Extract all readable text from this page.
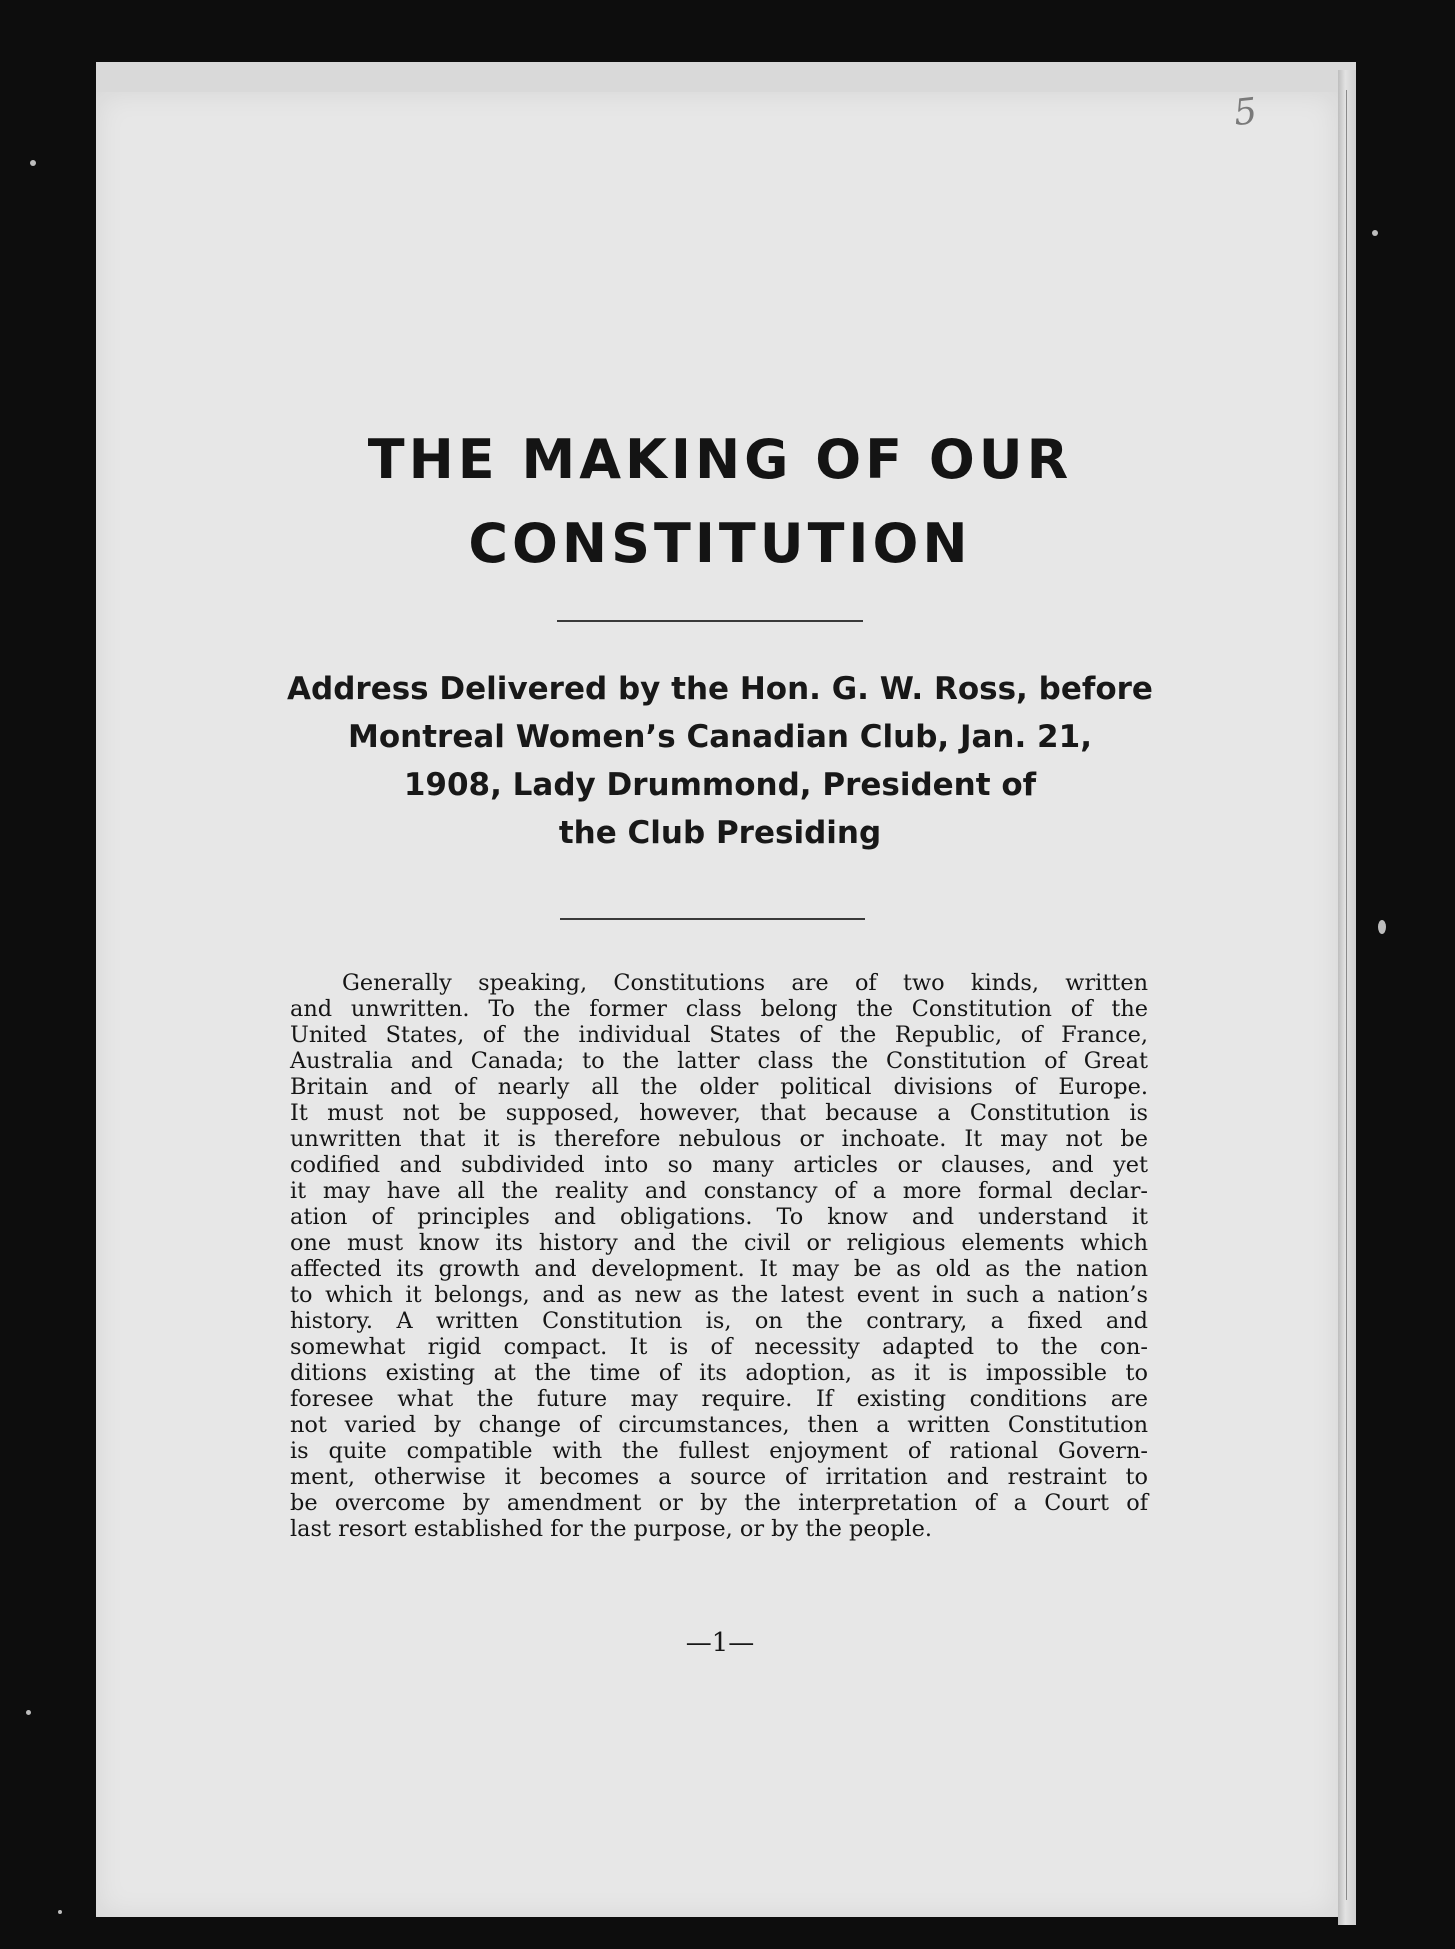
5
THE MAKING OF OUR
CONSTITUTION
Address Delivered by the Hon. G. W. Ross, before
Montreal Women’s Canadian Club, Jan. 21,
1908, Lady Drummond, President of
the Club Presiding
Generally speaking, Constitutions are of two kinds, written
and unwritten. To the former class belong the Constitution of the
United States, of the individual States of the Republic, of France,
Australia and Canada; to the latter class the Constitution of Great
Britain and of nearly all the older political divisions of Europe.
It must not be supposed, however, that because a Constitution is
unwritten that it is therefore nebulous or inchoate. It may not be
codified and subdivided into so many articles or clauses, and yet
it may have all the reality and constancy of a more formal declar-
ation of principles and obligations. To know and understand it
one must know its history and the civil or religious elements which
affected its growth and development. It may be as old as the nation
to which it belongs, and as new as the latest event in such a nation’s
history. A written Constitution is, on the contrary, a fixed and
somewhat rigid compact. It is of necessity adapted to the con-
ditions existing at the time of its adoption, as it is impossible to
foresee what the future may require. If existing conditions are
not varied by change of circumstances, then a written Constitution
is quite compatible with the fullest enjoyment of rational Govern-
ment, otherwise it becomes a source of irritation and restraint to
be overcome by amendment or by the interpretation of a Court of
last resort established for the purpose, or by the people.
—1—
